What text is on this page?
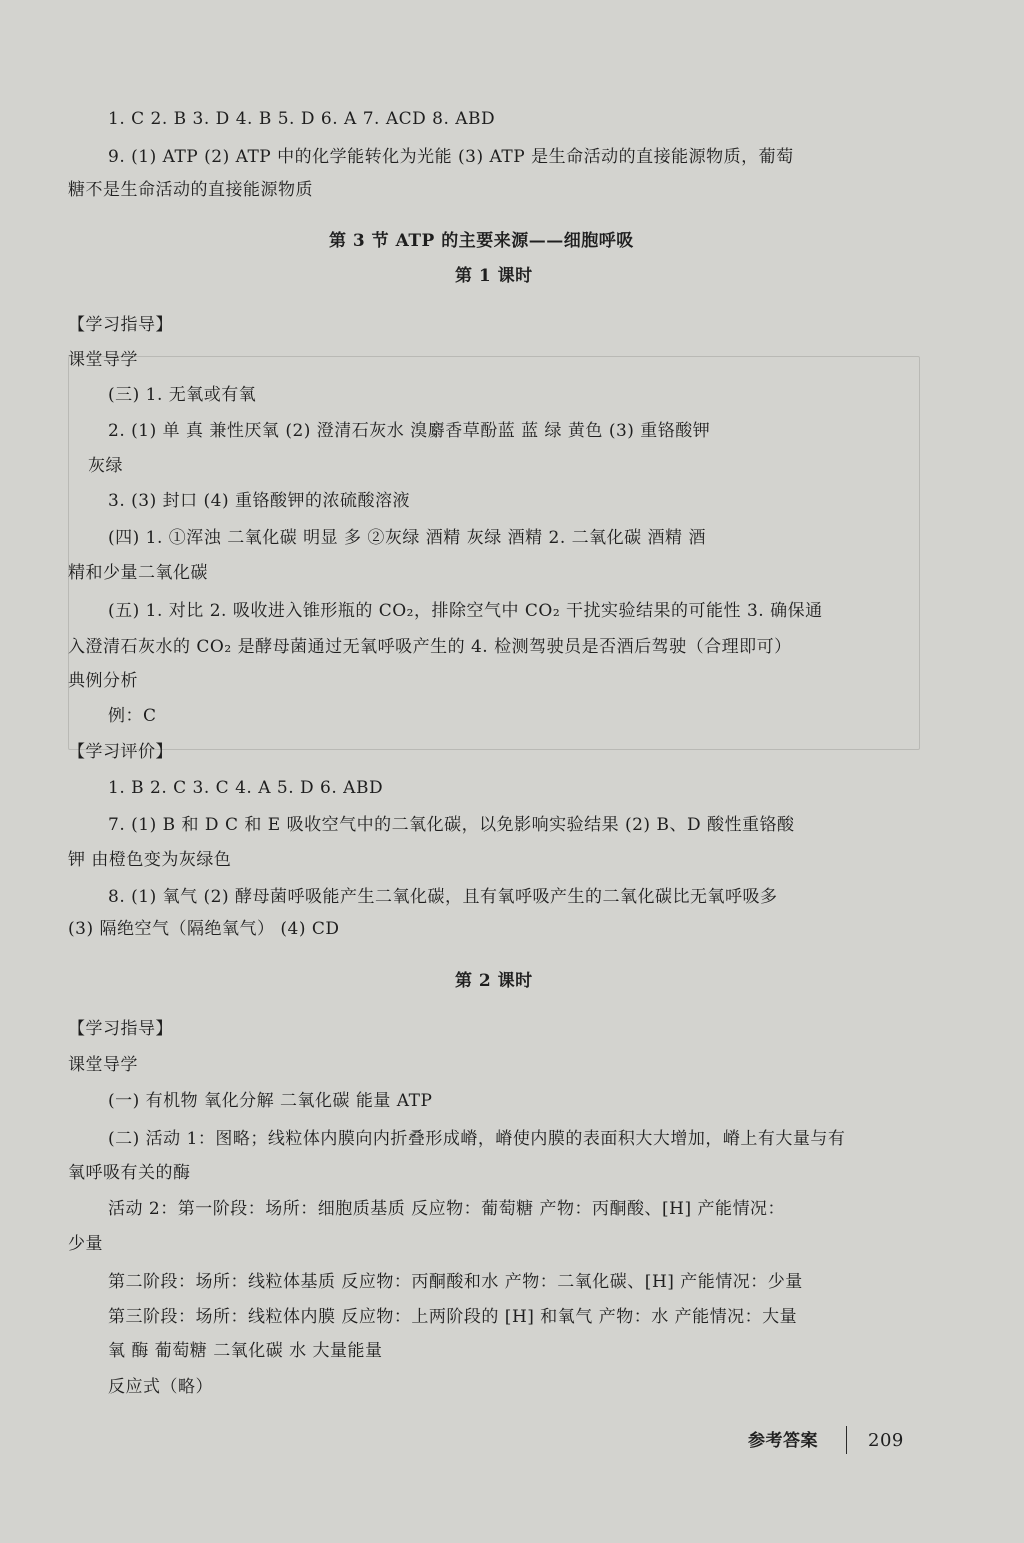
1. C 2. B 3. D 4. B 5. D 6. A 7. ACD 8. ABD
9. (1) ATP (2) ATP 中的化学能转化为光能 (3) ATP 是生命活动的直接能源物质，葡萄
糖不是生命活动的直接能源物质
第 3 节 ATP 的主要来源——细胞呼吸
第 1 课时
【学习指导】
课堂导学
(三) 1. 无氧或有氧
2. (1) 单 真 兼性厌氧 (2) 澄清石灰水 溴麝香草酚蓝 蓝 绿 黄色 (3) 重铬酸钾
灰绿
3. (3) 封口 (4) 重铬酸钾的浓硫酸溶液
(四) 1. ①浑浊 二氧化碳 明显 多 ②灰绿 酒精 灰绿 酒精 2. 二氧化碳 酒精 酒
精和少量二氧化碳
(五) 1. 对比 2. 吸收进入锥形瓶的 CO₂，排除空气中 CO₂ 干扰实验结果的可能性 3. 确保通
入澄清石灰水的 CO₂ 是酵母菌通过无氧呼吸产生的 4. 检测驾驶员是否酒后驾驶（合理即可）
典例分析
例：C
【学习评价】
1. B 2. C 3. C 4. A 5. D 6. ABD
7. (1) B 和 D C 和 E 吸收空气中的二氧化碳，以免影响实验结果 (2) B、D 酸性重铬酸
钾 由橙色变为灰绿色
8. (1) 氧气 (2) 酵母菌呼吸能产生二氧化碳，且有氧呼吸产生的二氧化碳比无氧呼吸多
(3) 隔绝空气（隔绝氧气） (4) CD
第 2 课时
【学习指导】
课堂导学
(一) 有机物 氧化分解 二氧化碳 能量 ATP
(二) 活动 1：图略；线粒体内膜向内折叠形成嵴，嵴使内膜的表面积大大增加，嵴上有大量与有
氧呼吸有关的酶
活动 2：第一阶段：场所：细胞质基质 反应物：葡萄糖 产物：丙酮酸、[H] 产能情况：
少量
第二阶段：场所：线粒体基质 反应物：丙酮酸和水 产物：二氧化碳、[H] 产能情况：少量
第三阶段：场所：线粒体内膜 反应物：上两阶段的 [H] 和氧气 产物：水 产能情况：大量
氧 酶 葡萄糖 二氧化碳 水 大量能量
反应式（略）
参考答案	209
